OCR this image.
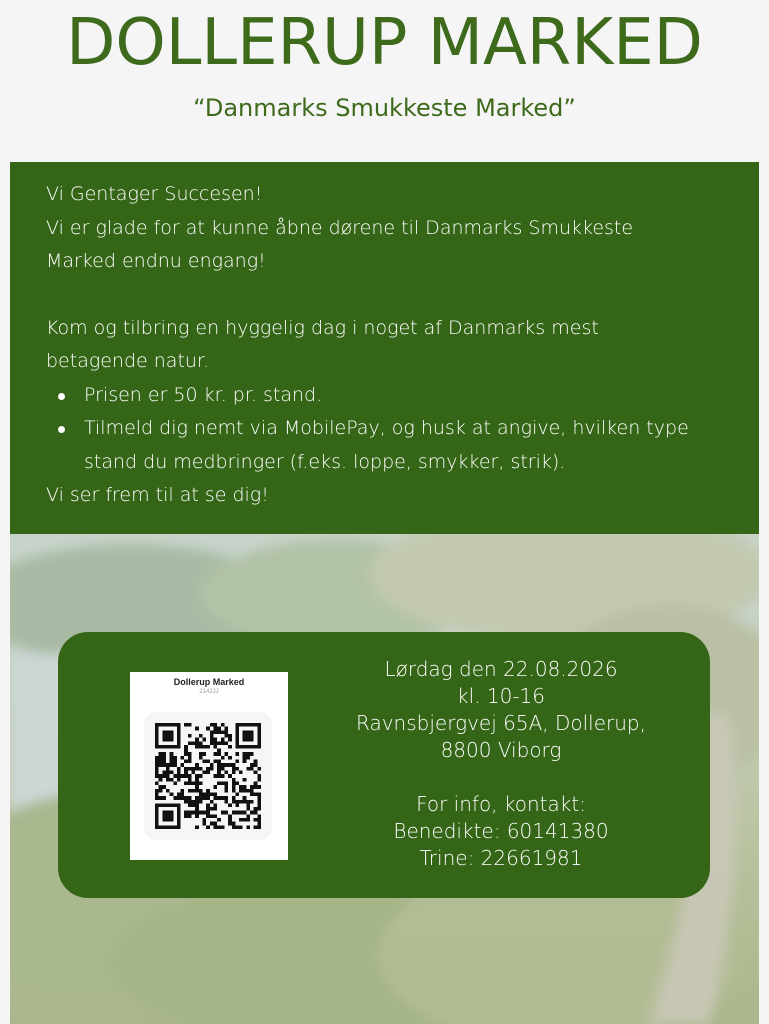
DOLLERUP MARKED
“Danmarks Smukkeste Marked”

Vi Gentager Succesen!

Vi er glade for at kunne åbne dørene til Danmarks Smukkeste Marked endnu engang!

Kom og tilbring en hyggelig dag i noget af Danmarks mest betagende natur.

Prisen er 50 kr. pr. stand.
Tilmeld dig nemt via MobilePay, og husk at angive, hvilken type stand du medbringer (f.eks. loppe, smykker, strik).

Vi ser frem til at se dig!

Dollerup Marked
2142JJ
Lørdag den 22.08.2026
kl. 10-16
Ravnsbjergvej 65A, Dollerup,
8800 Viborg
For info, kontakt:
Benedikte: 60141380
Trine: 22661981
